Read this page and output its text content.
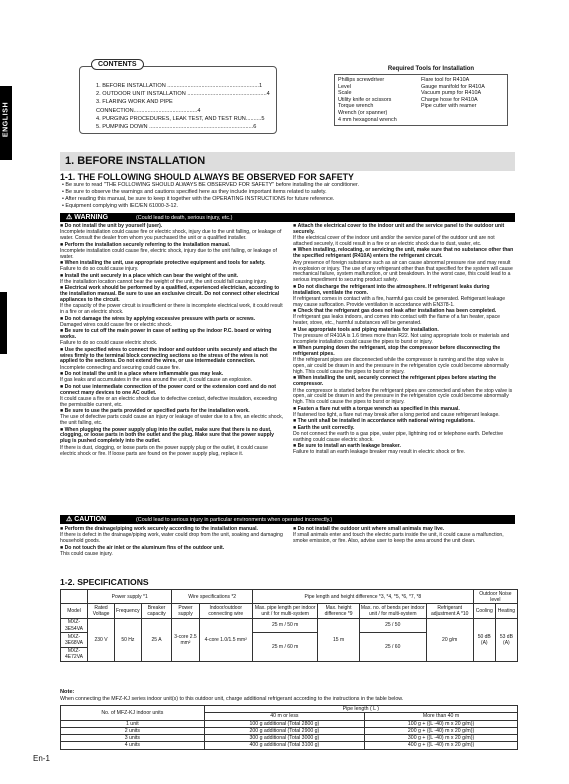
ENGLISH
CONTENTS
1. BEFORE INSTALLATION ...........................................................1
2. OUTDOOR UNIT INSTALLATION ...................................................4
3. FLARING WORK AND PIPE CONNECTION.........................................4
4. PURGING PROCEDURES, LEAK TEST, AND TEST RUN..........5
5. PUMPING DOWN ...................................................................6
Required Tools for Installation
Phillips screwdriver
Level
Scale
Utility knife or scissors
Torque wrench
Wrench (or spanner)
4 mm hexagonal wrench
Flare tool for R410A
Gauge manifold for R410A
Vacuum pump for R410A
Charge hose for R410A
Pipe cutter with reamer
1. BEFORE INSTALLATION
1-1. THE FOLLOWING SHOULD ALWAYS BE OBSERVED FOR SAFETY
• Be sure to read "THE FOLLOWING SHOULD ALWAYS BE OBSERVED FOR SAFETY" before installing the air conditioner.
• Be sure to observe the warnings and cautions specified here as they include important items related to safety.
• After reading this manual, be sure to keep it together with the OPERATING INSTRUCTIONS for future reference.
• Equipment complying with IEC/EN 61000-3-12.
⚠ WARNING	(Could lead to death, serious injury, etc.)

■ Do not install the unit by yourself (user).

Incomplete installation could cause fire or electric shock, injury due to the unit falling, or leakage of water. Consult the dealer from whom you purchased the unit or a qualified installer.

■ Perform the installation securely referring to the installation manual.

Incomplete installation could cause fire, electric shock, injury due to the unit falling, or leakage of water.

■ When installing the unit, use appropriate protective equipment and tools for safety.

Failure to do so could cause injury.

■ Install the unit securely in a place which can bear the weight of the unit.

If the installation location cannot bear the weight of the unit, the unit could fall causing injury.

■ Electrical work should be performed by a qualified, experienced electrician, according to the installation manual. Be sure to use an exclusive circuit. Do not connect other electrical appliances to the circuit.

If the capacity of the power circuit is insufficient or there is incomplete electrical work, it could result in a fire or an electric shock.

■ Do not damage the wires by applying excessive pressure with parts or screws.

Damaged wires could cause fire or electric shock.

■ Be sure to cut off the main power in case of setting up the indoor P.C. board or wiring works.

Failure to do so could cause electric shock.

■ Use the specified wires to connect the indoor and outdoor units securely and attach the wires firmly to the terminal block connecting sections so the stress of the wires is not applied to the sections. Do not extend the wires, or use intermediate connection.

Incomplete connecting and securing could cause fire.

■ Do not install the unit in a place where inflammable gas may leak.

If gas leaks and accumulates in the area around the unit, it could cause an explosion.

■ Do not use intermediate connection of the power cord or the extension cord and do not connect many devices to one AC outlet.

It could cause a fire or an electric shock due to defective contact, defective insulation, exceeding the permissible current, etc.

■ Be sure to use the parts provided or specified parts for the installation work.

The use of defective parts could cause an injury or leakage of water due to a fire, an electric shock, the unit falling, etc.

■ When plugging the power supply plug into the outlet, make sure that there is no dust, clogging, or loose parts in both the outlet and the plug. Make sure that the power supply plug is pushed completely into the outlet.

If there is dust, clogging, or loose parts on the power supply plug or the outlet, it could cause electric shock or fire. If loose parts are found on the power supply plug, replace it.

■ Attach the electrical cover to the indoor unit and the service panel to the outdoor unit securely.

If the electrical cover of the indoor unit and/or the service panel of the outdoor unit are not attached securely, it could result in a fire or an electric shock due to dust, water, etc.

■ When installing, relocating, or servicing the unit, make sure that no substance other than the specified refrigerant (R410A) enters the refrigerant circuit.

Any presence of foreign substance such as air can cause abnormal pressure rise and may result in explosion or injury. The use of any refrigerant other than that specified for the system will cause mechanical failure, system malfunction, or unit breakdown. In the worst case, this could lead to a serious impediment to securing product safety.

■ Do not discharge the refrigerant into the atmosphere. If refrigerant leaks during installation, ventilate the room.

If refrigerant comes in contact with a fire, harmful gas could be generated. Refrigerant leakage may cause suffocation. Provide ventilation in accordance with EN378-1.

■ Check that the refrigerant gas does not leak after installation has been completed.

If refrigerant gas leaks indoors, and comes into contact with the flame of a fan heater, space heater, stove, etc., harmful substances will be generated.

■ Use appropriate tools and piping materials for installation.

The pressure of R410A is 1.6 times more than R22. Not using appropriate tools or materials and incomplete installation could cause the pipes to burst or injury.

■ When pumping down the refrigerant, stop the compressor before disconnecting the refrigerant pipes.

If the refrigerant pipes are disconnected while the compressor is running and the stop valve is open, air could be drawn in and the pressure in the refrigeration cycle could become abnormally high. This could cause the pipes to burst or injury.

■ When installing the unit, securely connect the refrigerant pipes before starting the compressor.

If the compressor is started before the refrigerant pipes are connected and when the stop valve is open, air could be drawn in and the pressure in the refrigeration cycle could become abnormally high. This could cause the pipes to burst or injury.

■ Fasten a flare nut with a torque wrench as specified in this manual.

If fastened too tight, a flare nut may break after a long period and cause refrigerant leakage.

■ The unit shall be installed in accordance with national wiring regulations.

■ Earth the unit correctly.

Do not connect the earth to a gas pipe, water pipe, lightning rod or telephone earth. Defective earthing could cause electric shock.

■ Be sure to install an earth leakage breaker.

Failure to install an earth leakage breaker may result in electric shock or fire.

⚠ CAUTION	(Could lead to serious injury in particular environments when operated incorrectly.)

■ Perform the drainage/piping work securely according to the installation manual.

If there is defect in the drainage/piping work, water could drop from the unit, soaking and damaging household goods.

■ Do not touch the air inlet or the aluminum fins of the outdoor unit.

This could cause injury.

■ Do not install the outdoor unit where small animals may live.

If small animals enter and touch the electric parts inside the unit, it could cause a malfunction, smoke emission, or fire. Also, advise user to keep the area around the unit clean.

1-2. SPECIFICATIONS
	Power supply *1			Wire specifications *2		Pipe length and height difference *3, *4, *5, *6, *7, *8				Outdoor Noise level	
Model	Rated Voltage	Frequency	Breaker capacity	Power supply	Indoor/outdoor connecting wire	Max. pipe length per indoor unit / for multi-system	Max. height difference *9	Max. no. of bends per indoor unit / for multi-system	Refrigerant adjustment A *10	Cooling	Heating
MXZ-3E54VA	230 V	50 Hz	25 A	3-core 2.5 mm²	4-core 1.0/1.5 mm²	25 m / 50 m	15 m	25 / 50	20 g/m	50 dB (A)	53 dB (A)
MXZ-3E68VA						25 m / 60 m		25 / 60			
MXZ-4E72VA											
Note:
When connecting the MFZ-KJ series indoor unit(s) to this outdoor unit, charge additional refrigerant according to the instructions in the table below.
No. of MFZ-KJ indoor units	Pipe length ( L )	
	40 m or less	More than 40 m
1 unit	100 g additional (Total 2800 g)	100 g + ((L -40) m x 20 g/m))
2 units	200 g additional (Total 2900 g)	200 g + ((L -40) m x 20 g/m))
3 units	300 g additional (Total 3000 g)	300 g + ((L -40) m x 20 g/m))
4 units	400 g additional (Total 3100 g)	400 g + ((L -40) m x 20 g/m))
En-1
